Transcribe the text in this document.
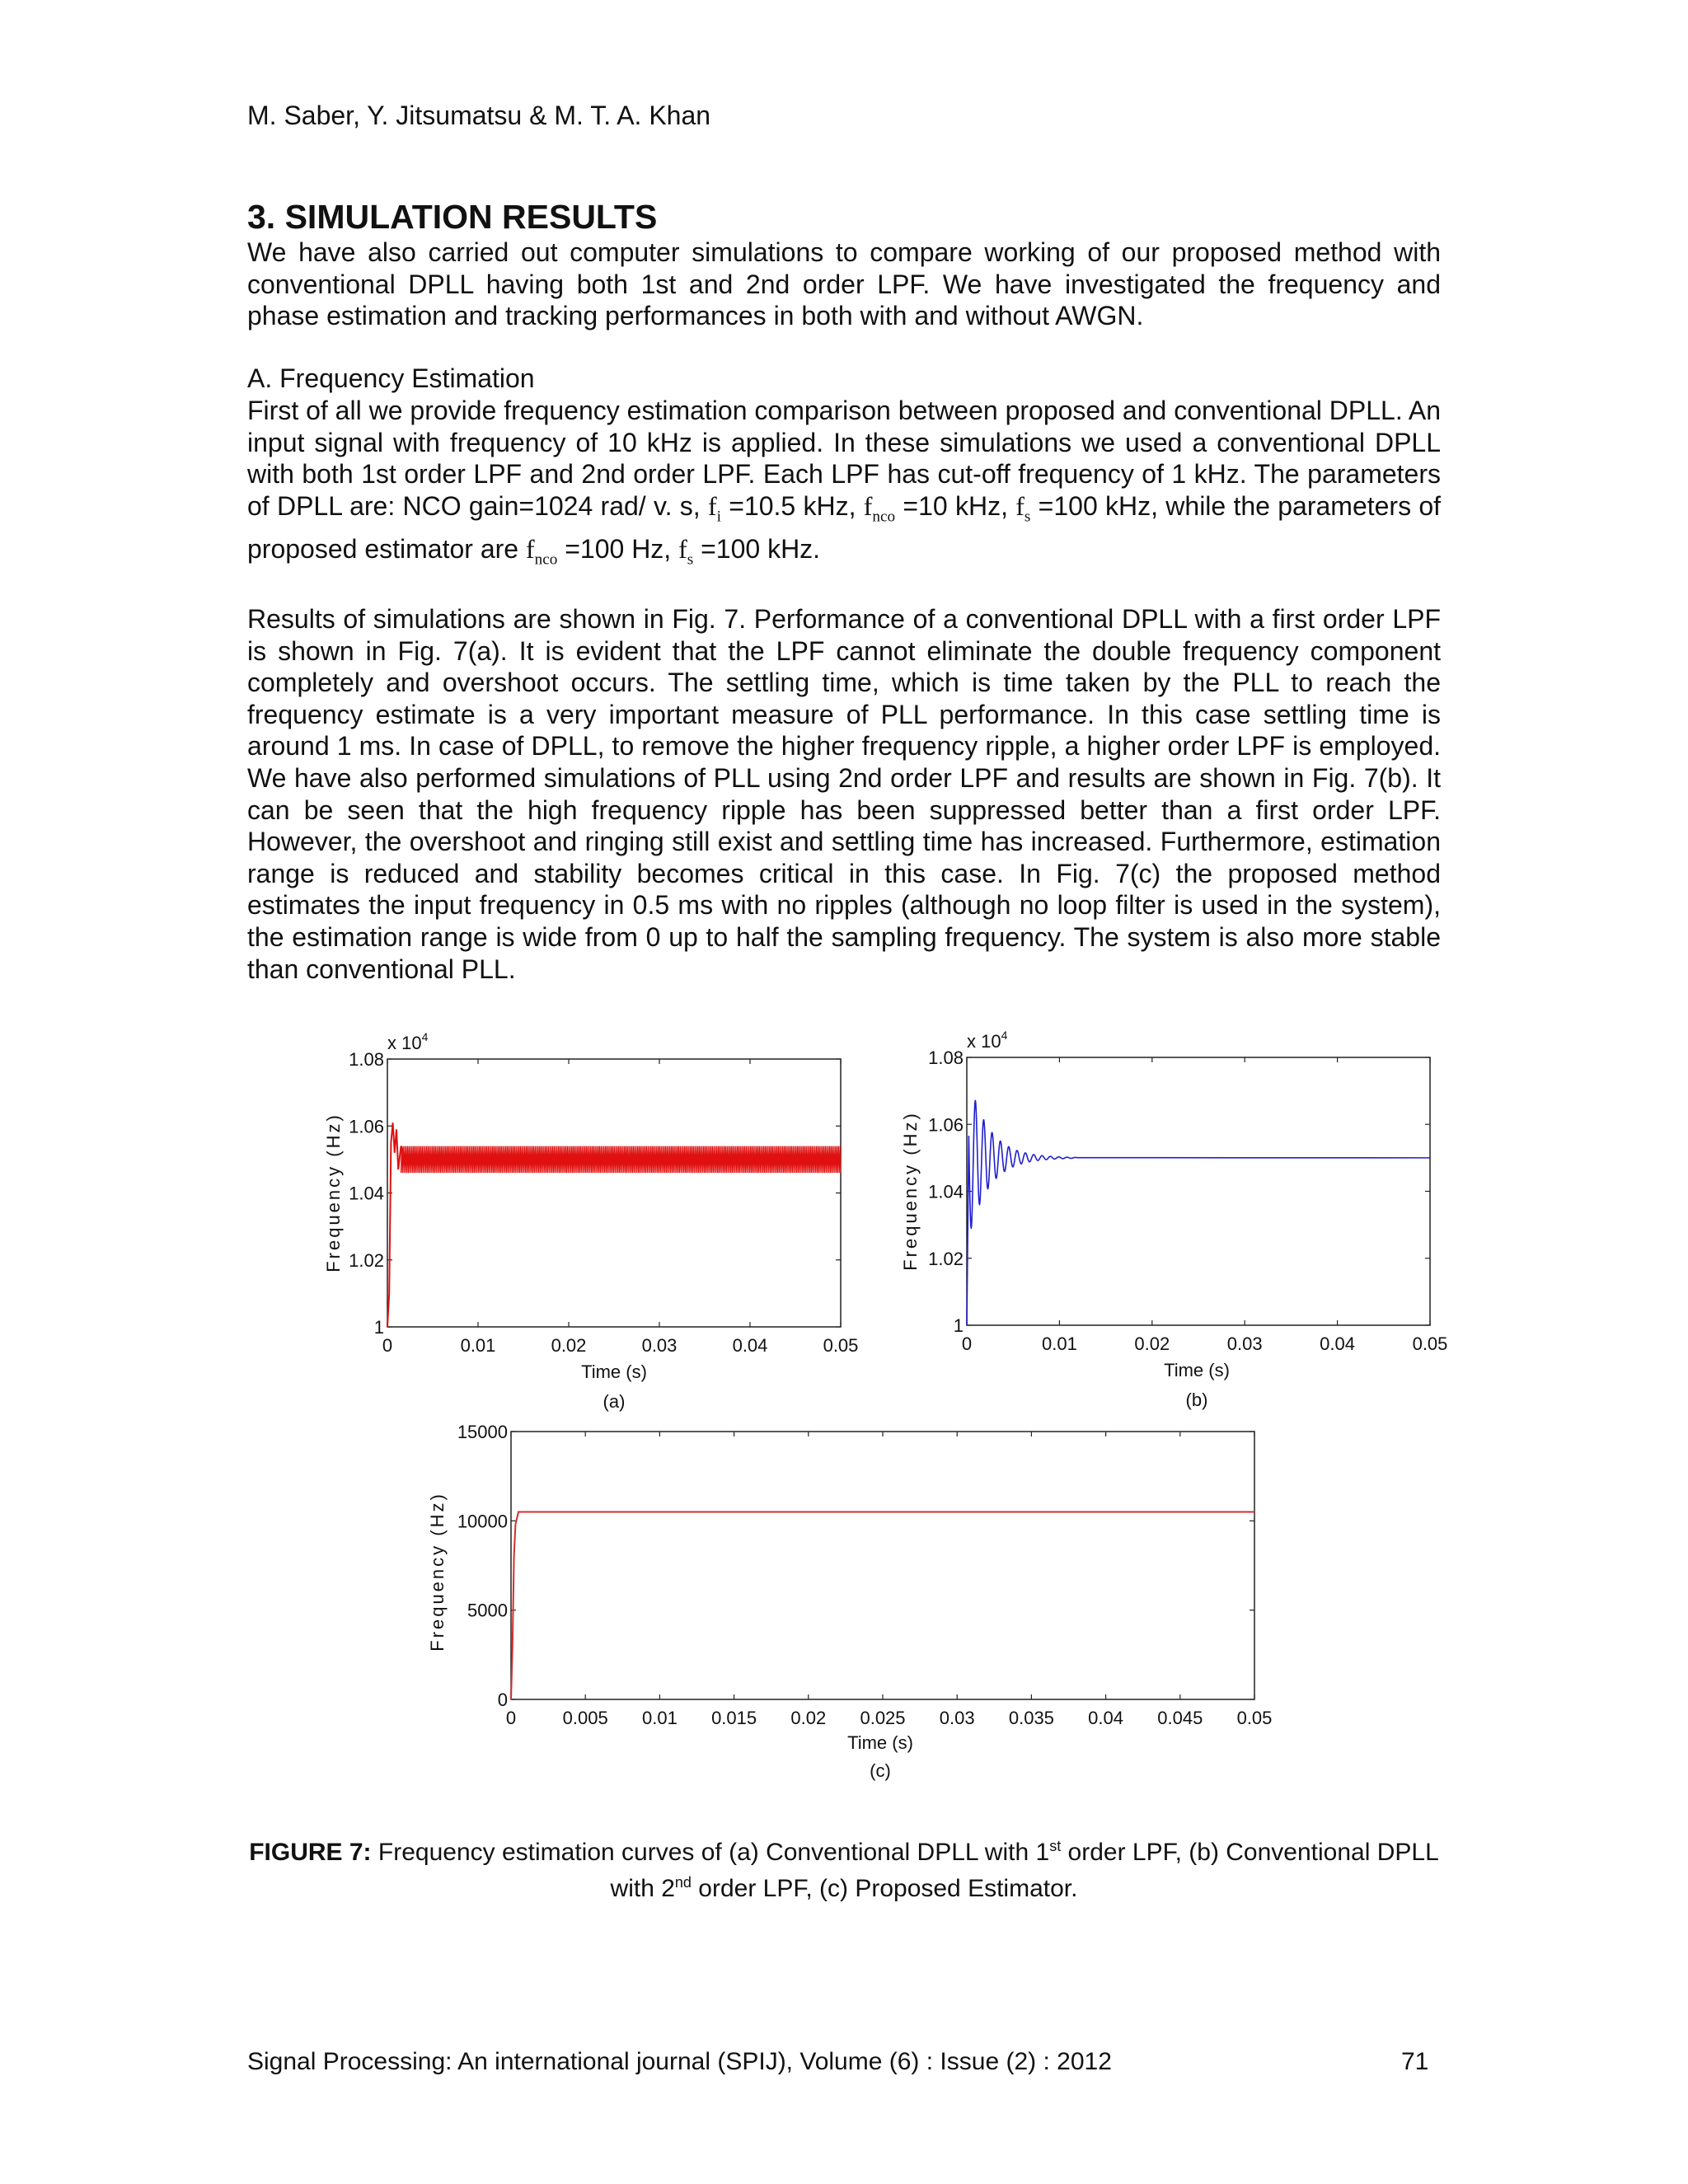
M. Saber, Y. Jitsumatsu & M. T. A. Khan
3. SIMULATION RESULTS
We have also carried out computer simulations to compare working of our proposed method with conventional DPLL having both 1st and 2nd order LPF. We have investigated the frequency and phase estimation and tracking performances in both with and without AWGN.
A. Frequency Estimation
First of all we provide frequency estimation comparison between proposed and conventional DPLL. An input signal with frequency of 10 kHz is applied. In these simulations we used a conventional DPLL with both 1st order LPF and 2nd order LPF. Each LPF has cut-off frequency of 1 kHz. The parameters of DPLL are: NCO gain=1024 rad/ v. s, $f_i =10.5$ kHz, $f_{nco} =10$ kHz, $f_s =100$ kHz, while the parameters of proposed estimator are $f_{nco} =100$ Hz, $f_s =100$ kHz.
Results of simulations are shown in Fig. 7. Performance of a conventional DPLL with a first order LPF is shown in Fig. 7(a). It is evident that the LPF cannot eliminate the double frequency component completely and overshoot occurs. The settling time, which is time taken by the PLL to reach the frequency estimate is a very important measure of PLL performance. In this case settling time is around 1 ms. In case of DPLL, to remove the higher frequency ripple, a higher order LPF is employed. We have also performed simulations of PLL using 2nd order LPF and results are shown in Fig. 7(b). It can be seen that the high frequency ripple has been suppressed better than a first order LPF. However, the overshoot and ringing still exist and settling time has increased. Furthermore, estimation range is reduced and stability becomes critical in this case. In Fig. 7(c) the proposed method estimates the input frequency in 0.5 ms with no ripples (although no loop filter is used in the system), the estimation range is wide from 0 up to half the sampling frequency. The system is also more stable than conventional PLL.
0	0.01	0.02	0.03	0.04	0.05
1
1.02
1.04
1.06
1.08
x $10^4$
Time (s)
(a)
Frequency (Hz)
0	0.01	0.02	0.03	0.04	0.05
1
1.02
1.04
1.06
1.08
x $10^4$
Time (s)
(b)
Frequency (Hz)
0	0.005 0.01 0.015 0.02 0.025 0.03 0.035 0.04 0.045 0.05
0
5000
10000
15000
Time (s)
(c)
Frequency (Hz)
FIGURE 7: Frequency estimation curves of (a) Conventional DPLL with 1st order LPF, (b) Conventional DPLL with 2nd order LPF, (c) Proposed Estimator.
Signal Processing: An international journal (SPIJ), Volume (6) : Issue (2) : 2012	71
